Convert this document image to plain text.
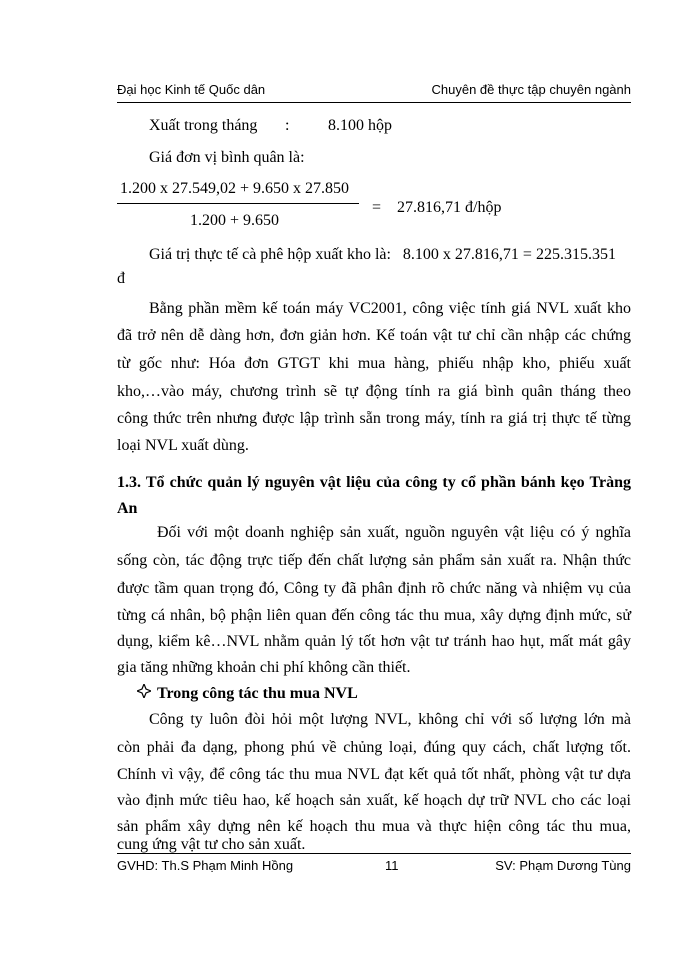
Đại học Kinh tế Quốc dân	Chuyên đề thực tập chuyên ngành
Xuất trong tháng : 8.100 hộp
Giá đơn vị bình quân là:
1.200 x 27.549,02 + 9.650 x 27.850
1.200 + 9.650
= 27.816,71 đ/hộp
Giá trị thực tế cà phê hộp xuất kho là:   8.100 x 27.816,71 = 225.315.351
đ
Bằng phần mềm kế toán máy VC2001, công việc tính giá NVL xuất kho
đã trở nên dễ dàng hơn, đơn giản hơn. Kế toán vật tư chỉ cần nhập các chứng
từ gốc như: Hóa đơn GTGT khi mua hàng, phiếu nhập kho, phiếu xuất
kho,…vào máy, chương trình sẽ tự động tính ra giá bình quân tháng theo
công thức trên nhưng được lập trình sẵn trong máy, tính ra giá trị thực tế từng
loại NVL xuất dùng.
1.3. Tổ chức quản lý nguyên vật liệu của công ty cổ phần bánh kẹo Tràng
An
Đối với một doanh nghiệp sản xuất, nguồn nguyên vật liệu có ý nghĩa
sống còn, tác động trực tiếp đến chất lượng sản phẩm sản xuất ra. Nhận thức
được tầm quan trọng đó, Công ty đã phân định rõ chức năng và nhiệm vụ của
từng cá nhân, bộ phận liên quan đến công tác thu mua, xây dựng định mức, sử
dụng, kiểm kê…NVL nhằm quản lý tốt hơn vật tư tránh hao hụt, mất mát gây
gia tăng những khoản chi phí không cần thiết.
Trong công tác thu mua NVL
Công ty luôn đòi hỏi một lượng NVL, không chỉ với số lượng lớn mà
còn phải đa dạng, phong phú về chủng loại, đúng quy cách, chất lượng tốt.
Chính vì vậy, để công tác thu mua NVL đạt kết quả tốt nhất, phòng vật tư dựa
vào định mức tiêu hao, kế hoạch sản xuất, kế hoạch dự trữ NVL cho các loại
sản phẩm xây dựng nên kế hoạch thu mua và thực hiện công tác thu mua,
cung ứng vật tư cho sản xuất.
GVHD: Th.S Phạm Minh Hồng	11	SV: Phạm Dương Tùng
